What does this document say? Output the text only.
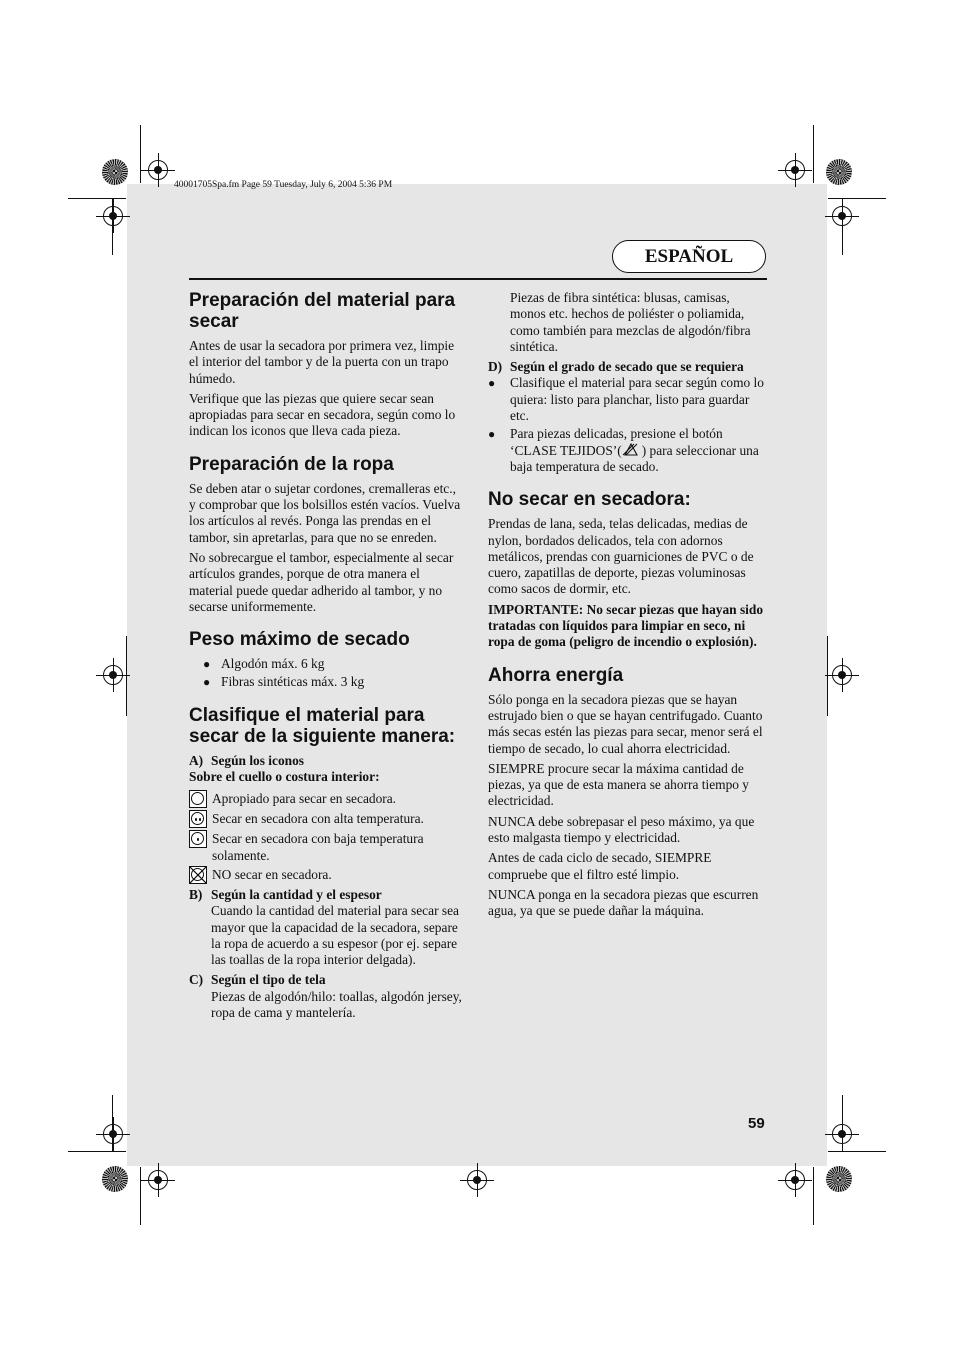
40001705Spa.fm Page 59 Tuesday, July 6, 2004 5:36 PM
ESPAÑOL
Preparación del material para secar

Antes de usar la secadora por primera vez, limpie el interior del tambor y de la puerta con un trapo húmedo.

Verifique que las piezas que quiere secar sean apropiadas para secar en secadora, según como lo indican los iconos que lleva cada pieza.

Preparación de la ropa

Se deben atar o sujetar cordones, cremalleras etc., y comprobar que los bolsillos estén vacíos. Vuelva los artículos al revés. Ponga las prendas en el tambor, sin apretarlas, para que no se enreden.

No sobrecargue el tambor, especialmente al secar artículos grandes, porque de otra manera el material puede quedar adherido al tambor, y no secarse uniformemente.

Peso máximo de secado
● Algodón máx. 6 kg
● Fibras sintéticas máx. 3 kg
Clasifique el material para secar de la siguiente manera:
A) Según los iconos

Sobre el cuello o costura interior:

Apropiado para secar en secadora.
Secar en secadora con alta temperatura.
Secar en secadora con baja temperatura solamente.
NO secar en secadora.
B) Según la cantidad y el espesor

Cuando la cantidad del material para secar sea mayor que la capacidad de la secadora, separe la ropa de acuerdo a su espesor (por ej. separe las toallas de la ropa interior delgada).

C) Según el tipo de tela

Piezas de algodón/hilo: toallas, algodón jersey, ropa de cama y mantelería.

Piezas de fibra sintética: blusas, camisas, monos etc. hechos de poliéster o poliamida, como también para mezclas de algodón/fibra sintética.

D) Según el grado de secado que se requiera
● Clasifique el material para secar según como lo quiera: listo para planchar, listo para guardar etc.
● Para piezas delicadas, presione el botón ‘CLASE TEJIDOS’( ) para seleccionar una baja temperatura de secado.
No secar en secadora:

Prendas de lana, seda, telas delicadas, medias de nylon, bordados delicados, tela con adornos metálicos, prendas con guarniciones de PVC o de cuero, zapatillas de deporte, piezas voluminosas como sacos de dormir, etc.

IMPORTANTE: No secar piezas que hayan sido tratadas con líquidos para limpiar en seco, ni ropa de goma (peligro de incendio o explosión).

Ahorra energía

Sólo ponga en la secadora piezas que se hayan estrujado bien o que se hayan centrifugado. Cuanto más secas estén las piezas para secar, menor será el tiempo de secado, lo cual ahorra electricidad.

SIEMPRE procure secar la máxima cantidad de piezas, ya que de esta manera se ahorra tiempo y electricidad.

NUNCA debe sobrepasar el peso máximo, ya que esto malgasta tiempo y electricidad.

Antes de cada ciclo de secado, SIEMPRE compruebe que el filtro esté limpio.

NUNCA ponga en la secadora piezas que escurren agua, ya que se puede dañar la máquina.

59
